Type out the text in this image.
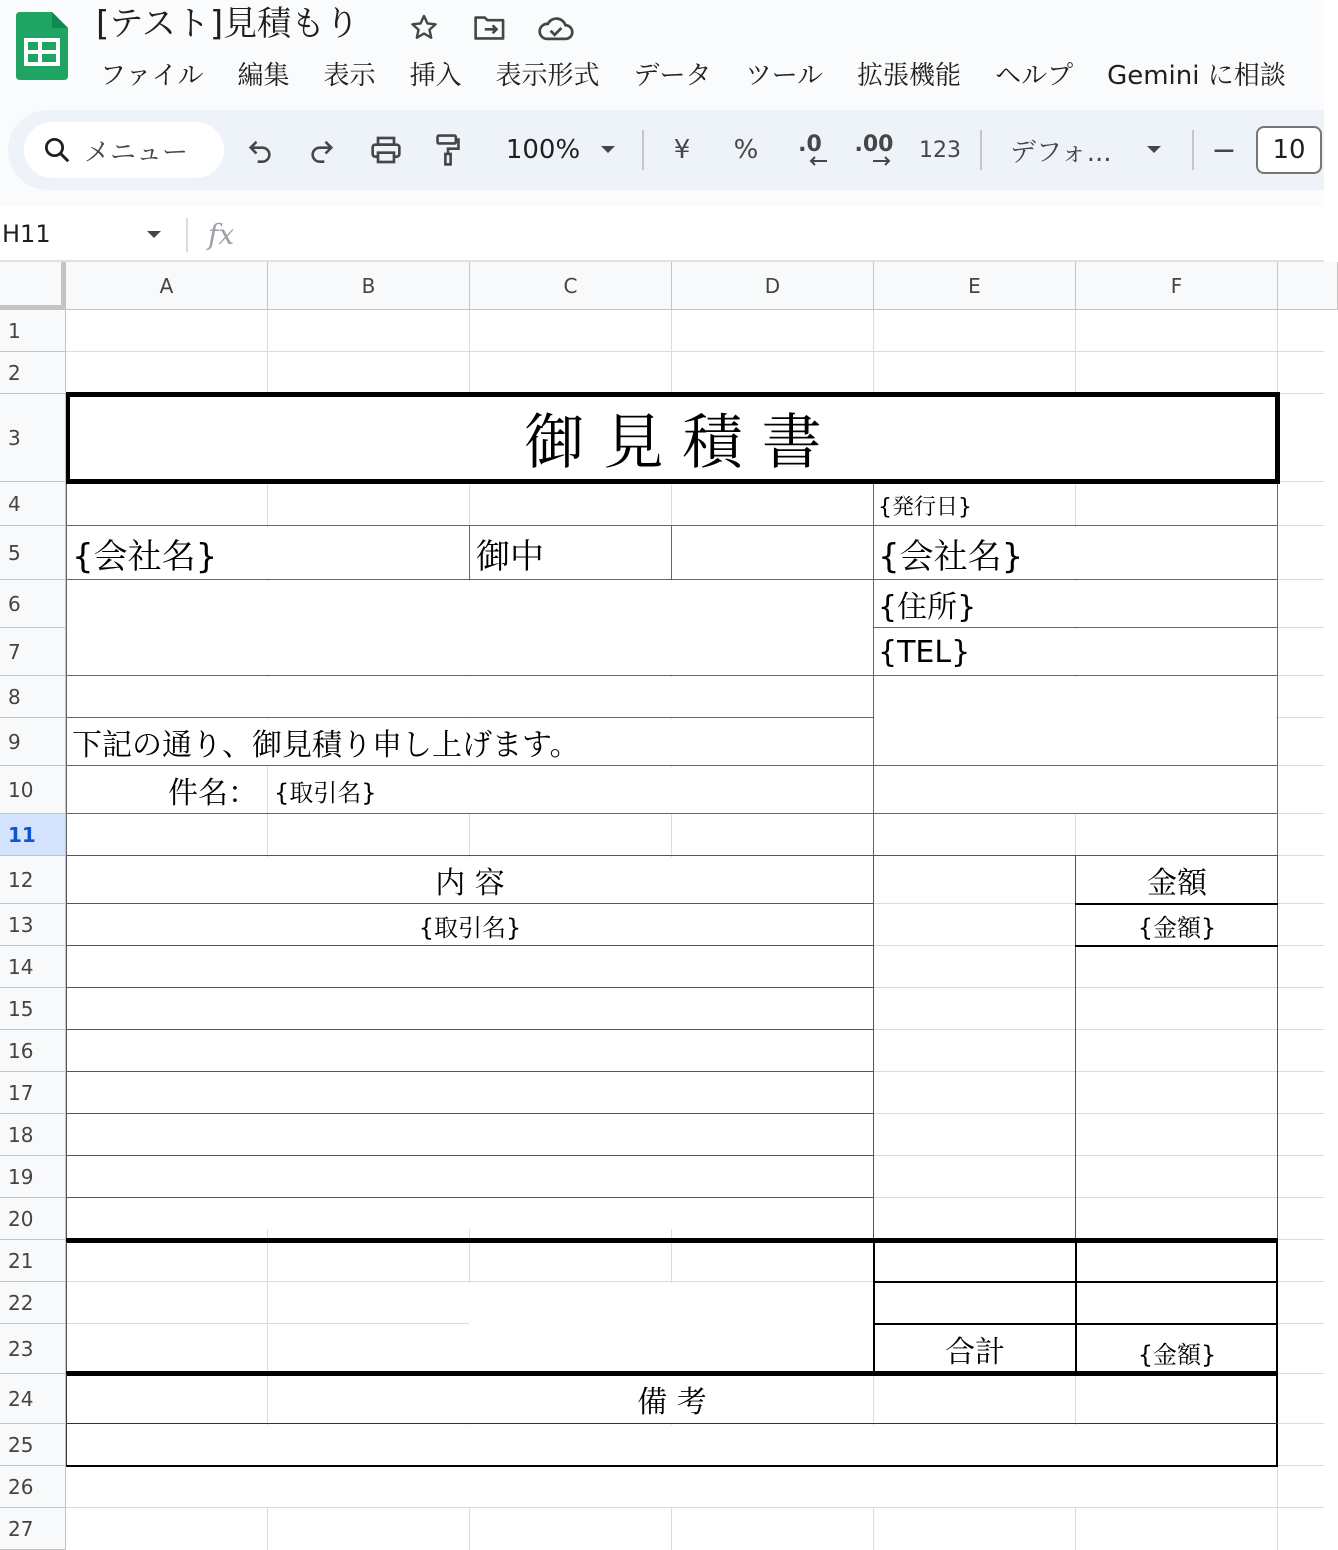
[テスト]見積もり
ファイル 編集 表示 挿入 表示形式 データ ツール 拡張機能 ヘルプ Gemini に相談
メニュー	100%	¥	% .0 .00 123 デフォ...	−	10
H11	fx
A	B	C	D	E	F
1
2
3
4
5
6
7
8
9
10
11
12
13
14
15
16
17
18
19
20
21
22
23
24
25
26
27
御 見 積 書
{発行日}
{会社名}	御中	{会社名}
{住所}
{TEL}
下記の通り、御見積り申し上げます。
件名： {取引名}
内 容	金額
{取引名}	{金額}
合計	{金額}
備 考
